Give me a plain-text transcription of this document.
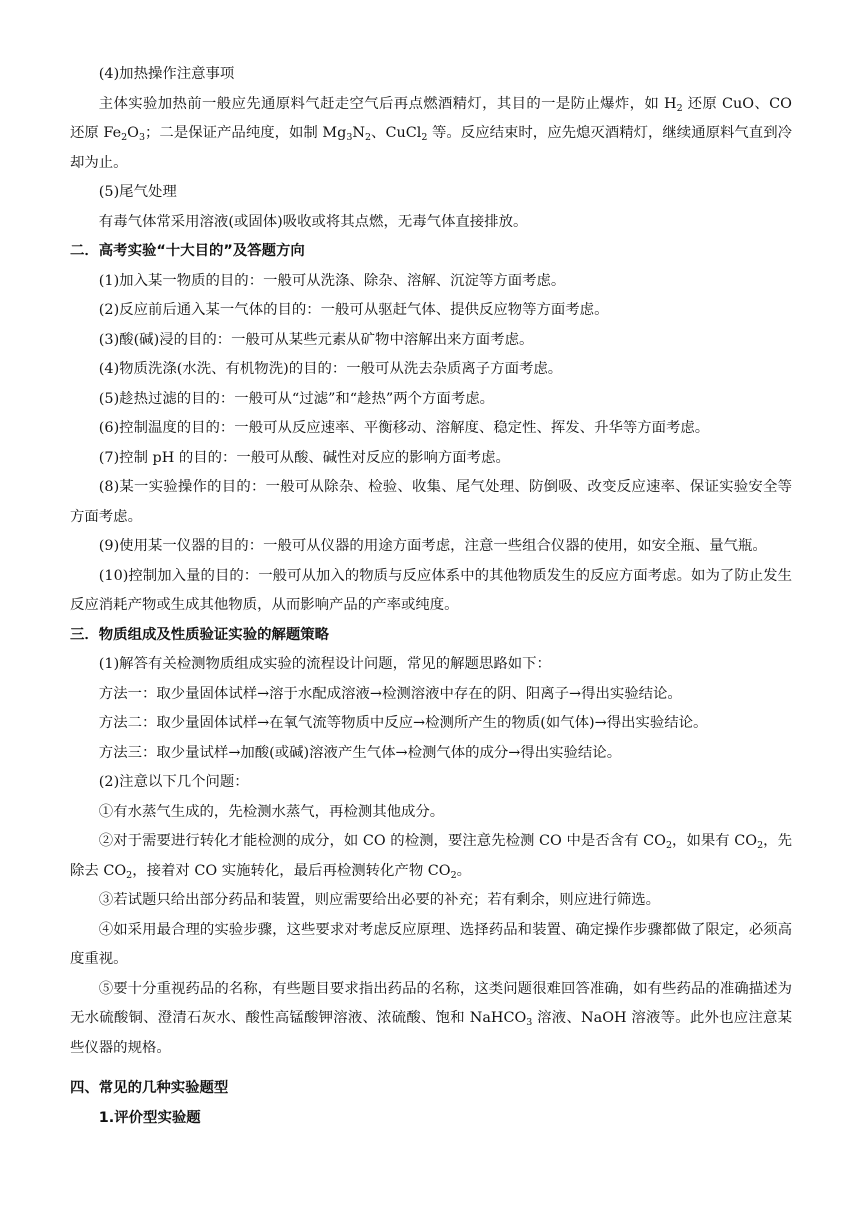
(4)加热操作注意事项

主体实验加热前一般应先通原料气赶走空气后再点燃酒精灯，其目的一是防止爆炸，如 $H_2$ 还原 CuO、CO 还原 $Fe_2O_3$；二是保证产品纯度，如制 $Mg_3N_2$、CuCl$_2$ 等。反应结束时，应先熄灭酒精灯，继续通原料气直到冷却为止。

(5)尾气处理

有毒气体常采用溶液(或固体)吸收或将其点燃，无毒气体直接排放。

二．高考实验“十大目的”及答题方向

(1)加入某一物质的目的：一般可从洗涤、除杂、溶解、沉淀等方面考虑。

(2)反应前后通入某一气体的目的：一般可从驱赶气体、提供反应物等方面考虑。

(3)酸(碱)浸的目的：一般可从某些元素从矿物中溶解出来方面考虑。

(4)物质洗涤(水洗、有机物洗)的目的：一般可从洗去杂质离子方面考虑。

(5)趁热过滤的目的：一般可从“过滤”和“趁热”两个方面考虑。

(6)控制温度的目的：一般可从反应速率、平衡移动、溶解度、稳定性、挥发、升华等方面考虑。

(7)控制 pH 的目的：一般可从酸、碱性对反应的影响方面考虑。

(8)某一实验操作的目的：一般可从除杂、检验、收集、尾气处理、防倒吸、改变反应速率、保证实验安全等方面考虑。

(9)使用某一仪器的目的：一般可从仪器的用途方面考虑，注意一些组合仪器的使用，如安全瓶、量气瓶。

(10)控制加入量的目的：一般可从加入的物质与反应体系中的其他物质发生的反应方面考虑。如为了防止发生反应消耗产物或生成其他物质，从而影响产品的产率或纯度。

三．物质组成及性质验证实验的解题策略

(1)解答有关检测物质组成实验的流程设计问题，常见的解题思路如下：

方法一：取少量固体试样→溶于水配成溶液→检测溶液中存在的阴、阳离子→得出实验结论。

方法二：取少量固体试样→在氧气流等物质中反应→检测所产生的物质(如气体)→得出实验结论。

方法三：取少量试样→加酸(或碱)溶液产生气体→检测气体的成分→得出实验结论。

(2)注意以下几个问题：

①有水蒸气生成的，先检测水蒸气，再检测其他成分。

②对于需要进行转化才能检测的成分，如 CO 的检测，要注意先检测 CO 中是否含有 $CO_2$，如果有 $CO_2$，先除去 $CO_2$，接着对 CO 实施转化，最后再检测转化产物 $CO_2$。

③若试题只给出部分药品和装置，则应需要给出必要的补充；若有剩余，则应进行筛选。

④如采用最合理的实验步骤，这些要求对考虑反应原理、选择药品和装置、确定操作步骤都做了限定，必须高度重视。

⑤要十分重视药品的名称，有些题目要求指出药品的名称，这类问题很难回答准确，如有些药品的准确描述为无水硫酸铜、澄清石灰水、酸性高锰酸钾溶液、浓硫酸、饱和 NaHCO$_3$ 溶液、NaOH 溶液等。此外也应注意某些仪器的规格。

四、常见的几种实验题型

1.评价型实验题
